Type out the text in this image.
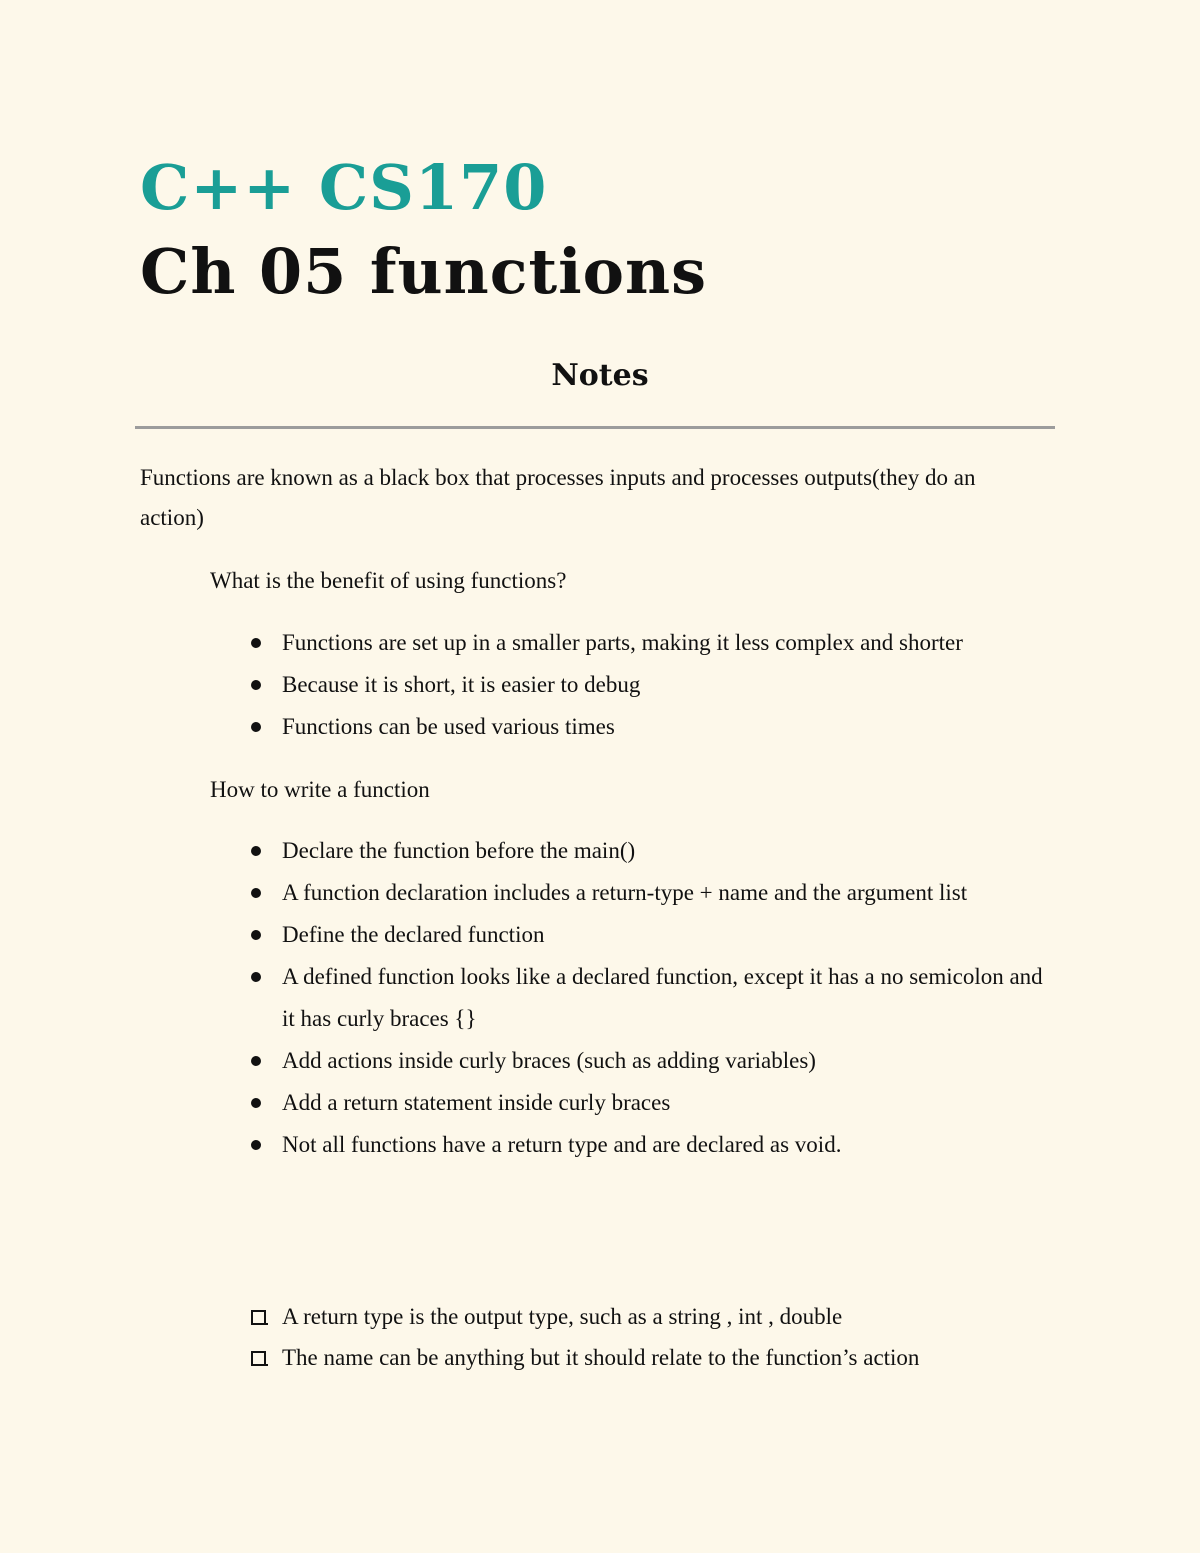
C++ CS170
Ch 05 functions
Notes

Functions are known as a black box that processes inputs and processes outputs(they do an action)

What is the benefit of using functions?

Functions are set up in a smaller parts, making it less complex and shorter
Because it is short, it is easier to debug
Functions can be used various times

How to write a function

Declare the function before the main()
A function declaration includes a return-type + name and the argument list
Define the declared function
A defined function looks like a declared function, except it has a no semicolon and it has curly braces {}
Add actions inside curly braces (such as adding variables)
Add a return statement inside curly braces
Not all functions have a return type and are declared as void.
A return type is the output type, such as a string , int , double
The name can be anything but it should relate to the function’s action
